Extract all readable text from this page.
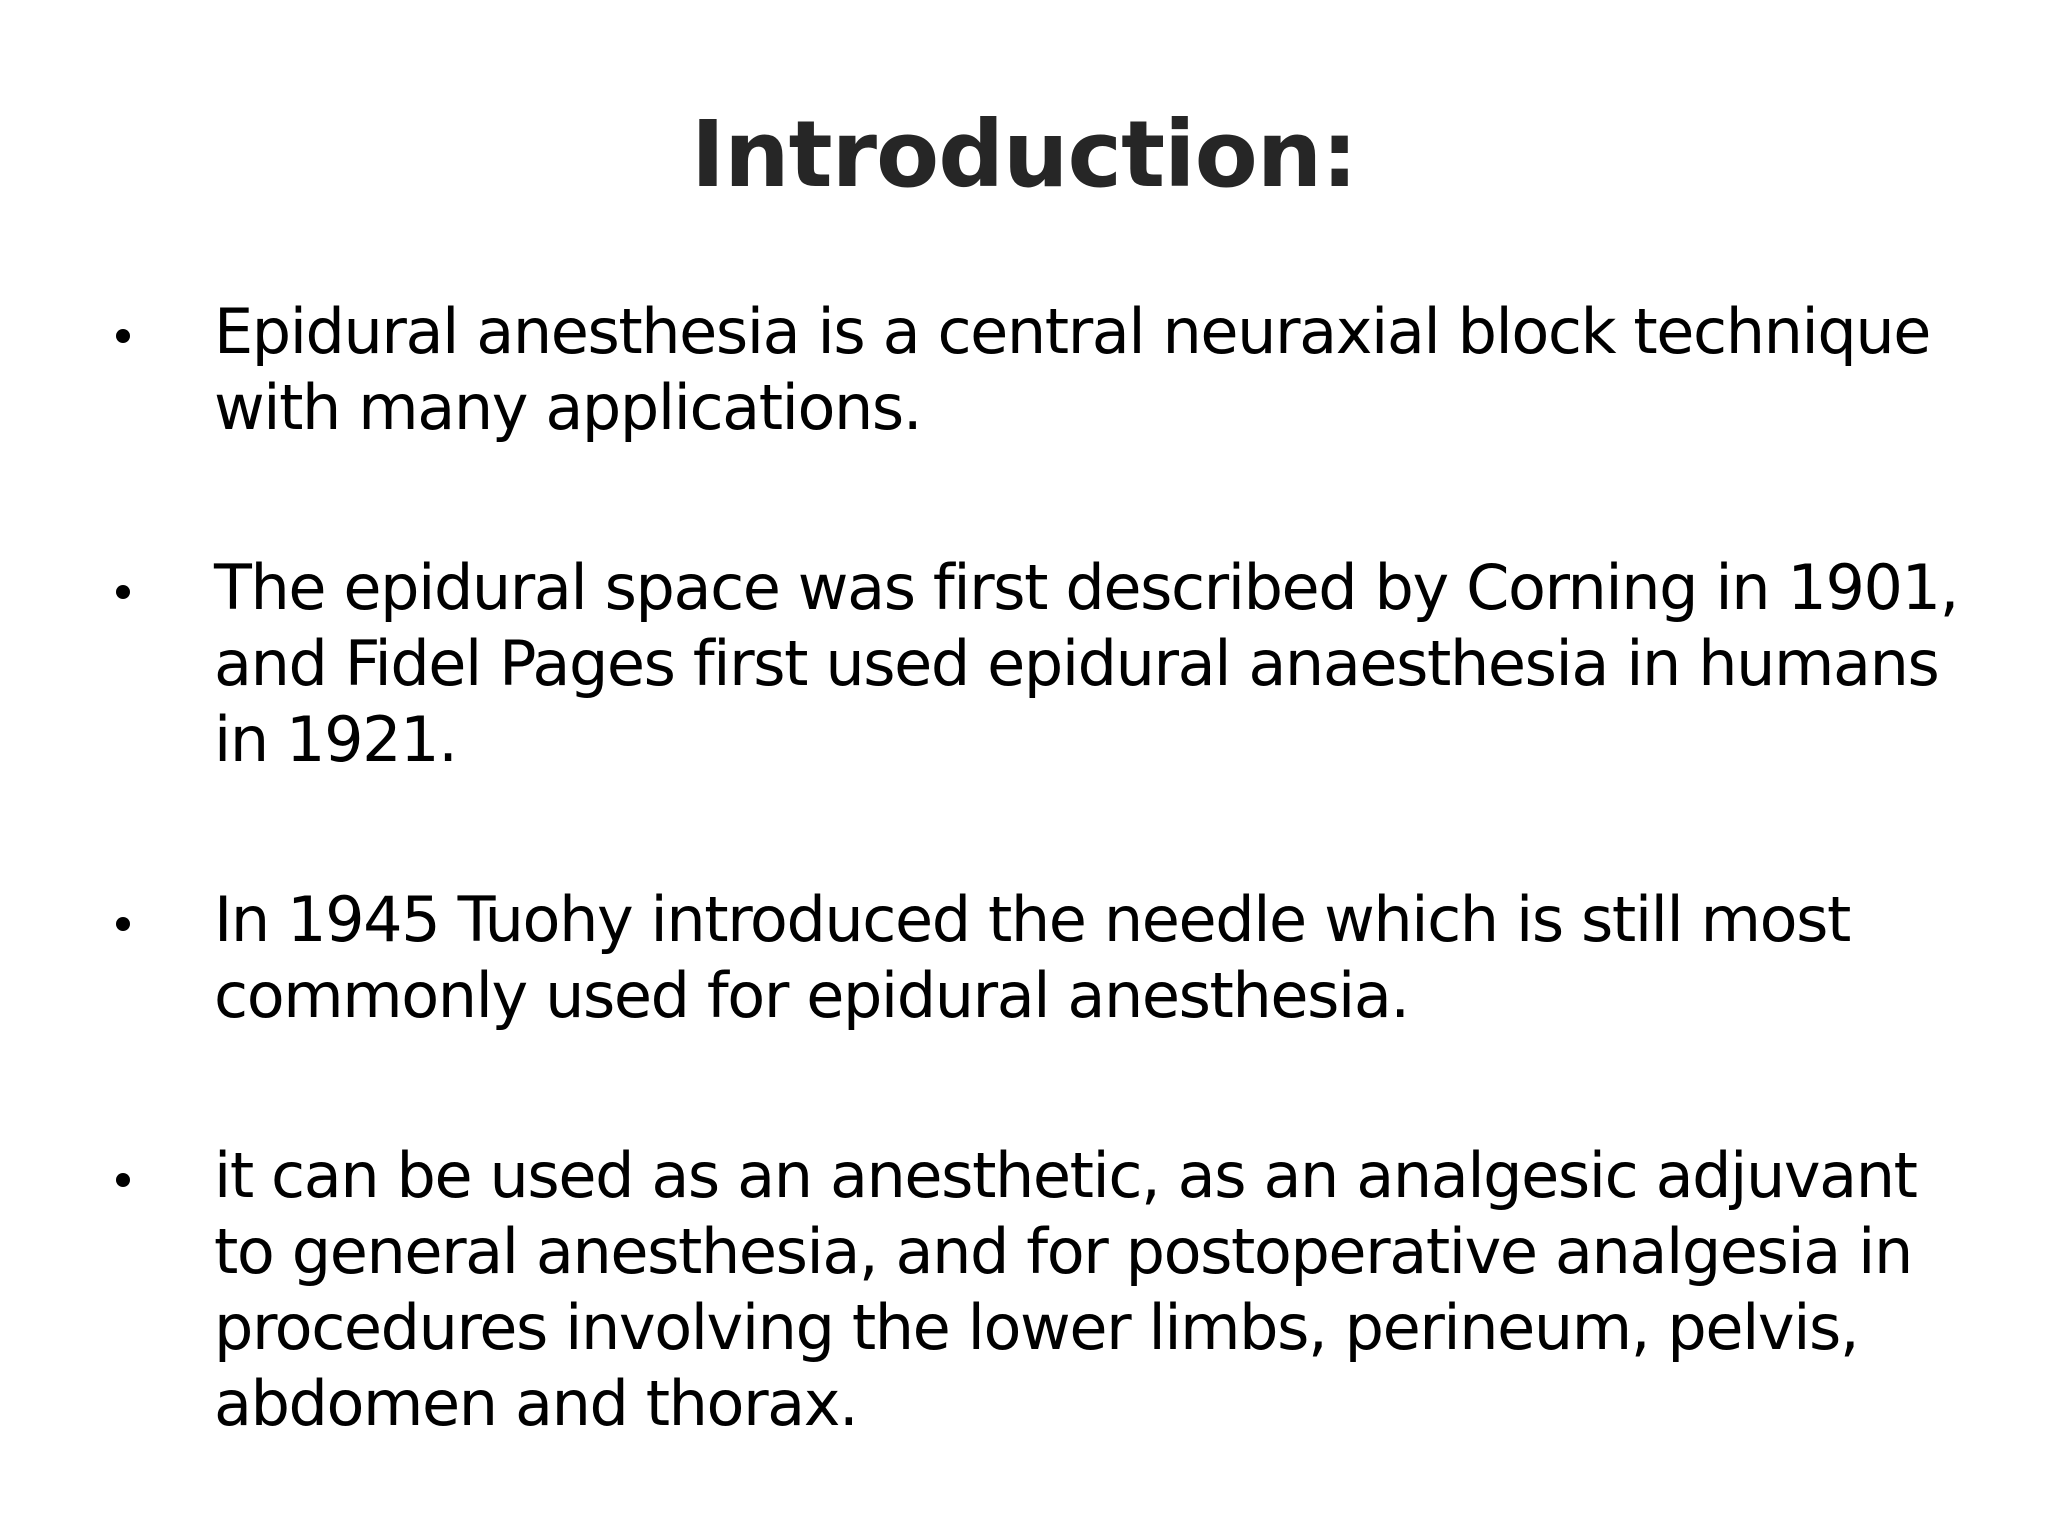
Introduction:
Epidural anesthesia is a central neuraxial block technique with many applications.
The epidural space was first described by Corning in 1901, and Fidel Pages first used epidural anaesthesia in humans in 1921.
In 1945 Tuohy introduced the needle which is still most commonly used for epidural anesthesia.
it can be used as an anesthetic, as an analgesic adjuvant to general anesthesia, and for postoperative analgesia in procedures involving the lower limbs, perineum, pelvis, abdomen and thorax.
